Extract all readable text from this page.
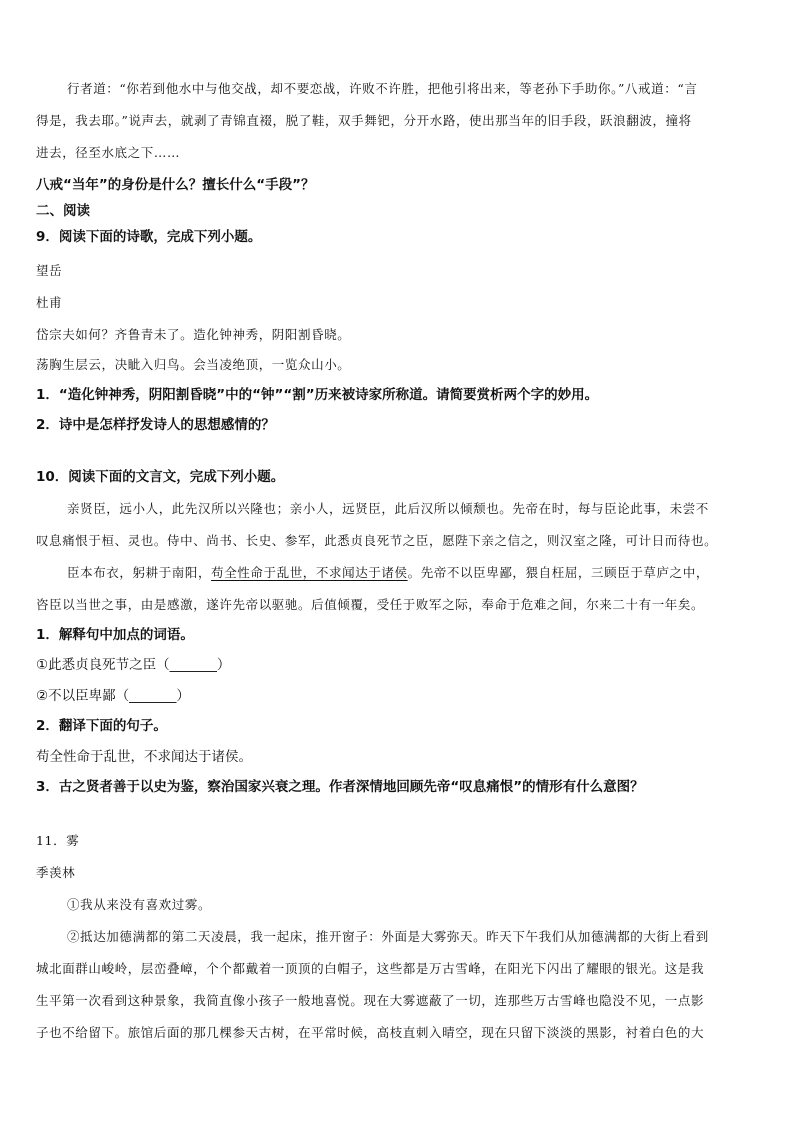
行者道：“你若到他水中与他交战，却不要恋战，许败不许胜，把他引将出来，等老孙下手助你。”八戒道：“言
得是，我去耶。”说声去，就剥了青锦直裰，脱了鞋，双手舞钯，分开水路，使出那当年的旧手段，跃浪翻波，撞将
进去，径至水底之下……
八戒“当年”的身份是什么？擅长什么“手段”？
二、阅读
9．阅读下面的诗歌，完成下列小题。
望岳
杜甫
岱宗夫如何？齐鲁青未了。造化钟神秀，阴阳割昏晓。
荡胸生层云，决眦入归鸟。会当凌绝顶，一览众山小。
1．“造化钟神秀，阴阳割昏晓”中的“钟”“割”历来被诗家所称道。请简要赏析两个字的妙用。
2．诗中是怎样抒发诗人的思想感情的？
10．阅读下面的文言文，完成下列小题。
亲贤臣，远小人，此先汉所以兴隆也；亲小人，远贤臣，此后汉所以倾颓也。先帝在时，每与臣论此事，未尝不
叹息痛恨于桓、灵也。侍中、尚书、长史、参军，此悉贞良死节之臣，愿陛下亲之信之，则汉室之隆，可计日而待也。
臣本布衣，躬耕于南阳，苟全性命于乱世，不求闻达于诸侯。先帝不以臣卑鄙，猥自枉屈，三顾臣于草庐之中，
咨臣以当世之事，由是感激，遂许先帝以驱驰。后值倾覆，受任于败军之际，奉命于危难之间，尔来二十有一年矣。
1．解释句中加点的词语。
①此悉贞良死节之臣（_______）
②不以臣卑鄙（_______）
2．翻译下面的句子。
苟全性命于乱世，不求闻达于诸侯。
3．古之贤者善于以史为鉴，察治国家兴衰之理。作者深情地回顾先帝“叹息痛恨”的情形有什么意图？
11．雾
季羡林
①我从来没有喜欢过雾。
②抵达加德满都的第二天凌晨，我一起床，推开窗子：外面是大雾弥天。昨天下午我们从加德满都的大街上看到
城北面群山峻岭，层峦叠嶂，个个都戴着一顶顶的白帽子，这些都是万古雪峰，在阳光下闪出了耀眼的银光。这是我
生平第一次看到这种景象，我简直像小孩子一般地喜悦。现在大雾遮蔽了一切，连那些万古雪峰也隐没不见，一点影
子也不给留下。旅馆后面的那几棵参天古树，在平常时候，高枝直刺入晴空，现在只留下淡淡的黑影，衬着白色的大
